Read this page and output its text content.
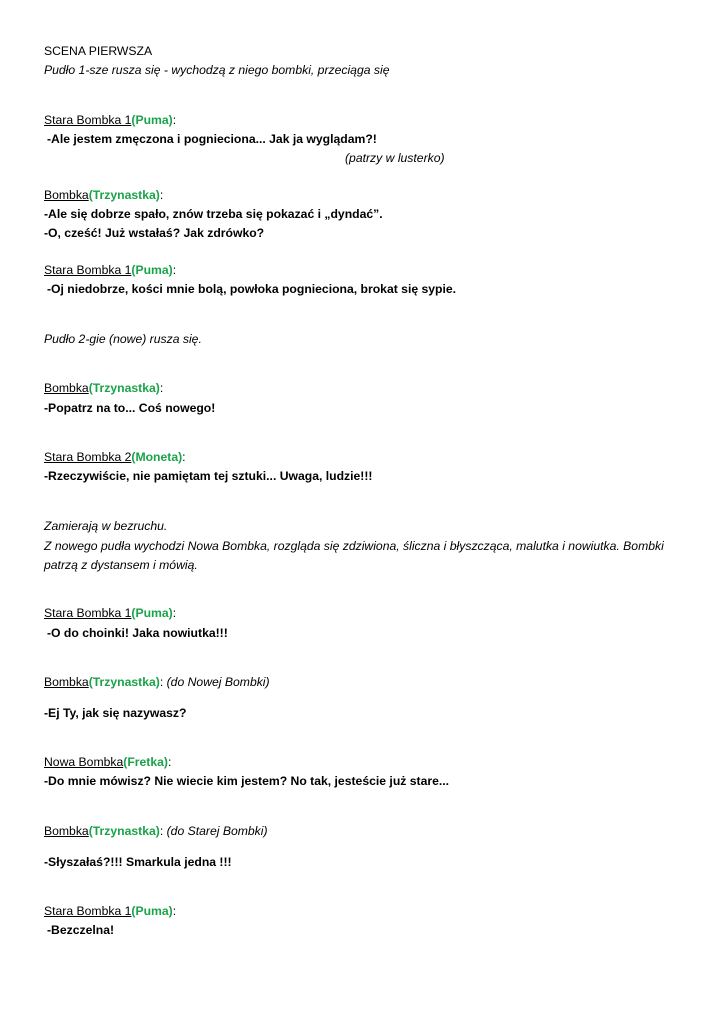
SCENA PIERWSZA
Pudło 1-sze rusza się - wychodzą z niego bombki, przeciąga się
Stara Bombka 1(Puma):
-Ale jestem zmęczona i pognieciona... Jak ja wyglądam?!
(patrzy w lusterko)
Bombka(Trzynastka):
-Ale się dobrze spało, znów trzeba się pokazać i „dyndać”.
-O, cześć! Już wstałaś? Jak zdrówko?
Stara Bombka 1(Puma):
-Oj niedobrze, kości mnie bolą, powłoka pognieciona, brokat się sypie.
Pudło 2-gie (nowe) rusza się.
Bombka(Trzynastka):
-Popatrz na to... Coś nowego!
Stara Bombka 2(Moneta):
-Rzeczywiście, nie pamiętam tej sztuki... Uwaga, ludzie!!!
Zamierają w bezruchu.
Z nowego pudła wychodzi Nowa Bombka, rozgląda się zdziwiona, śliczna i błyszcząca, malutka i nowiutka. Bombki patrzą z dystansem i mówią.
Stara Bombka 1(Puma):
-O do choinki! Jaka nowiutka!!!
Bombka(Trzynastka): (do Nowej Bombki)
-Ej Ty, jak się nazywasz?
Nowa Bombka(Fretka):
-Do mnie mówisz? Nie wiecie kim jestem? No tak, jesteście już stare...
Bombka(Trzynastka): (do Starej Bombki)
-Słyszałaś?!!! Smarkula jedna !!!
Stara Bombka 1(Puma):
-Bezczelna!
